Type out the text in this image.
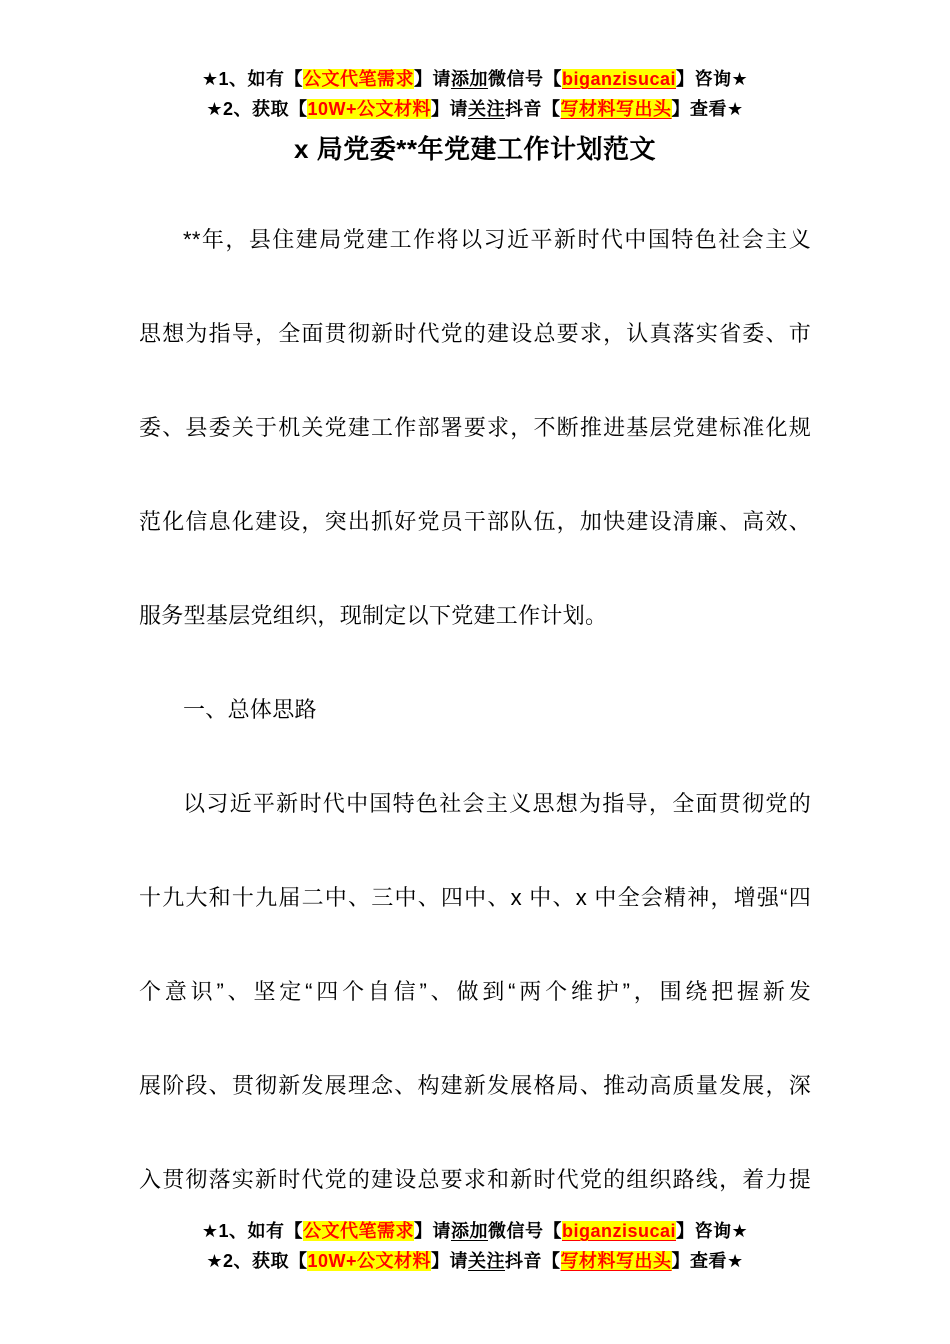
★1、如有【公文代笔需求】请添加微信号【biganzisucai】咨询★
★2、获取【10W+公文材料】请关注抖音【写材料写出头】查看★
x 局党委**年党建工作计划范文
**年，县住建局党建工作将以习近平新时代中国特色社会主义
思想为指导，全面贯彻新时代党的建设总要求，认真落实省委、市
委、县委关于机关党建工作部署要求，不断推进基层党建标准化规
范化信息化建设，突出抓好党员干部队伍，加快建设清廉、高效、
服务型基层党组织，现制定以下党建工作计划。
一、总体思路
以习近平新时代中国特色社会主义思想为指导，全面贯彻党的
十九大和十九届二中、三中、四中、x 中、x 中全会精神，增强“四
个意识”、坚定“四个自信”、做到“两个维护”，围绕把握新发
展阶段、贯彻新发展理念、构建新发展格局、推动高质量发展，深
入贯彻落实新时代党的建设总要求和新时代党的组织路线，着力提
★1、如有【公文代笔需求】请添加微信号【biganzisucai】咨询★
★2、获取【10W+公文材料】请关注抖音【写材料写出头】查看★
